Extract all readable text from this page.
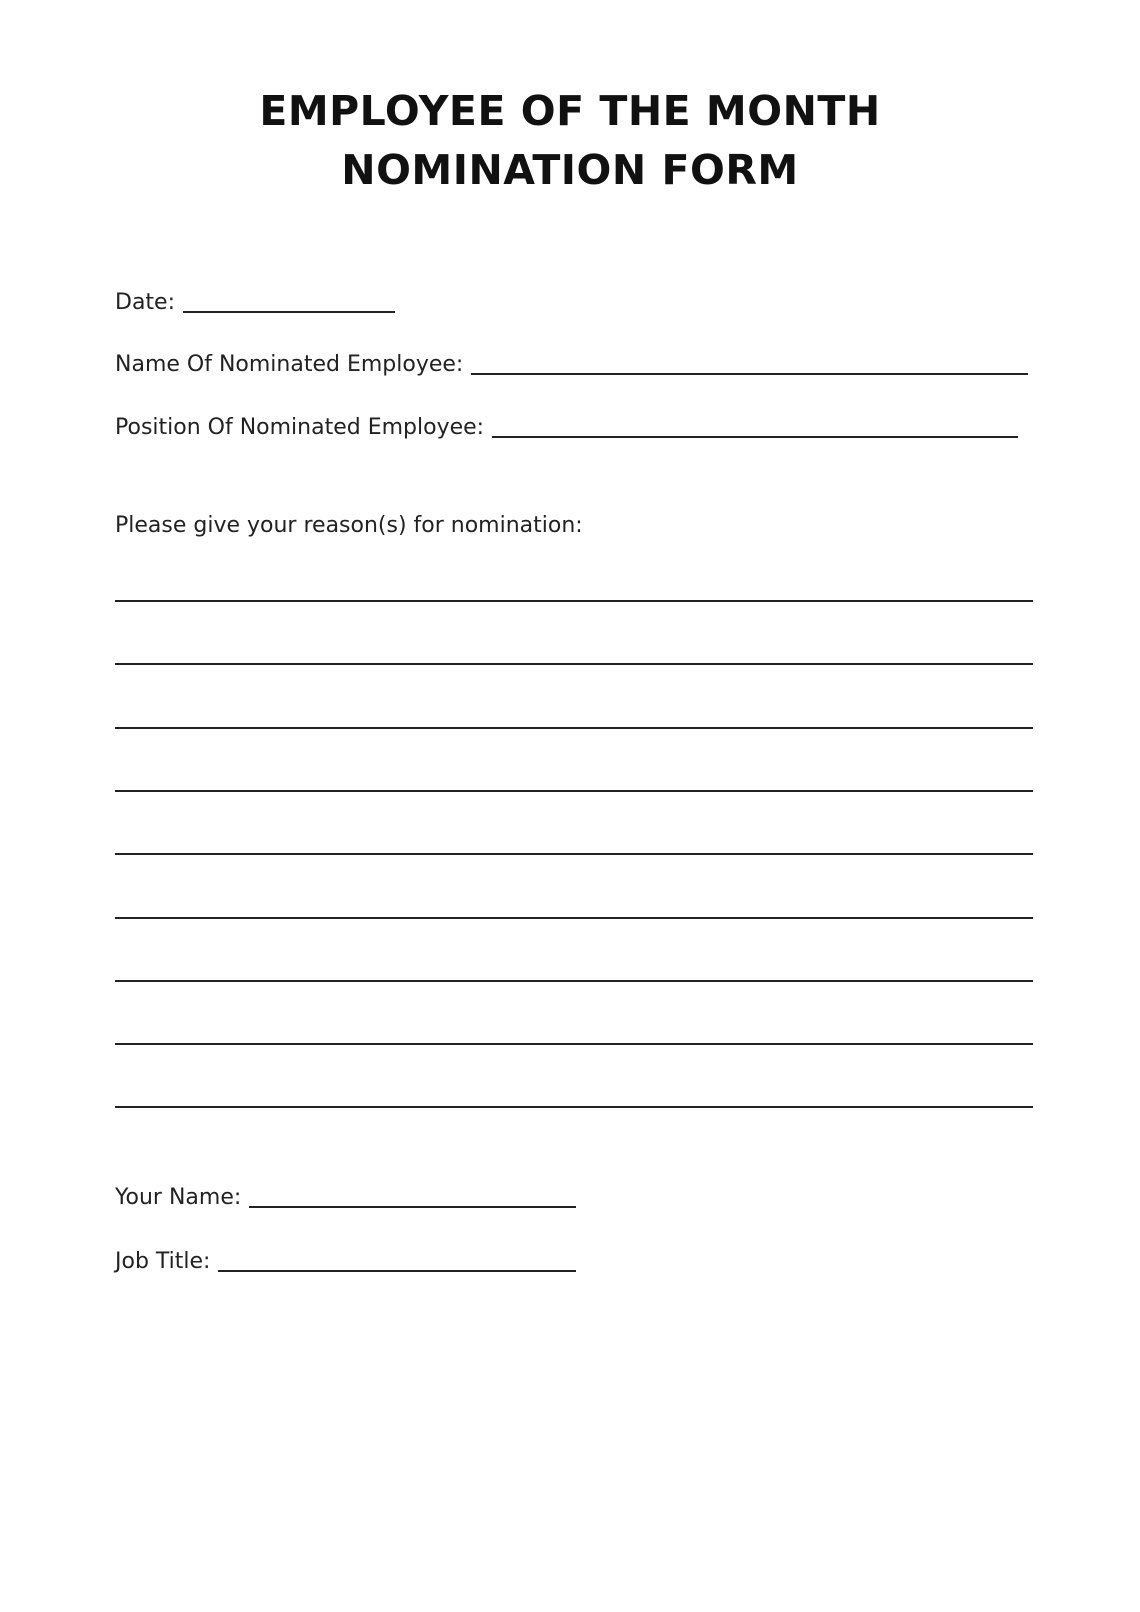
EMPLOYEE OF THE MONTH
NOMINATION FORM
Date:
Name Of Nominated Employee:
Position Of Nominated Employee:
Please give your reason(s) for nomination:
Your Name:
Job Title:
